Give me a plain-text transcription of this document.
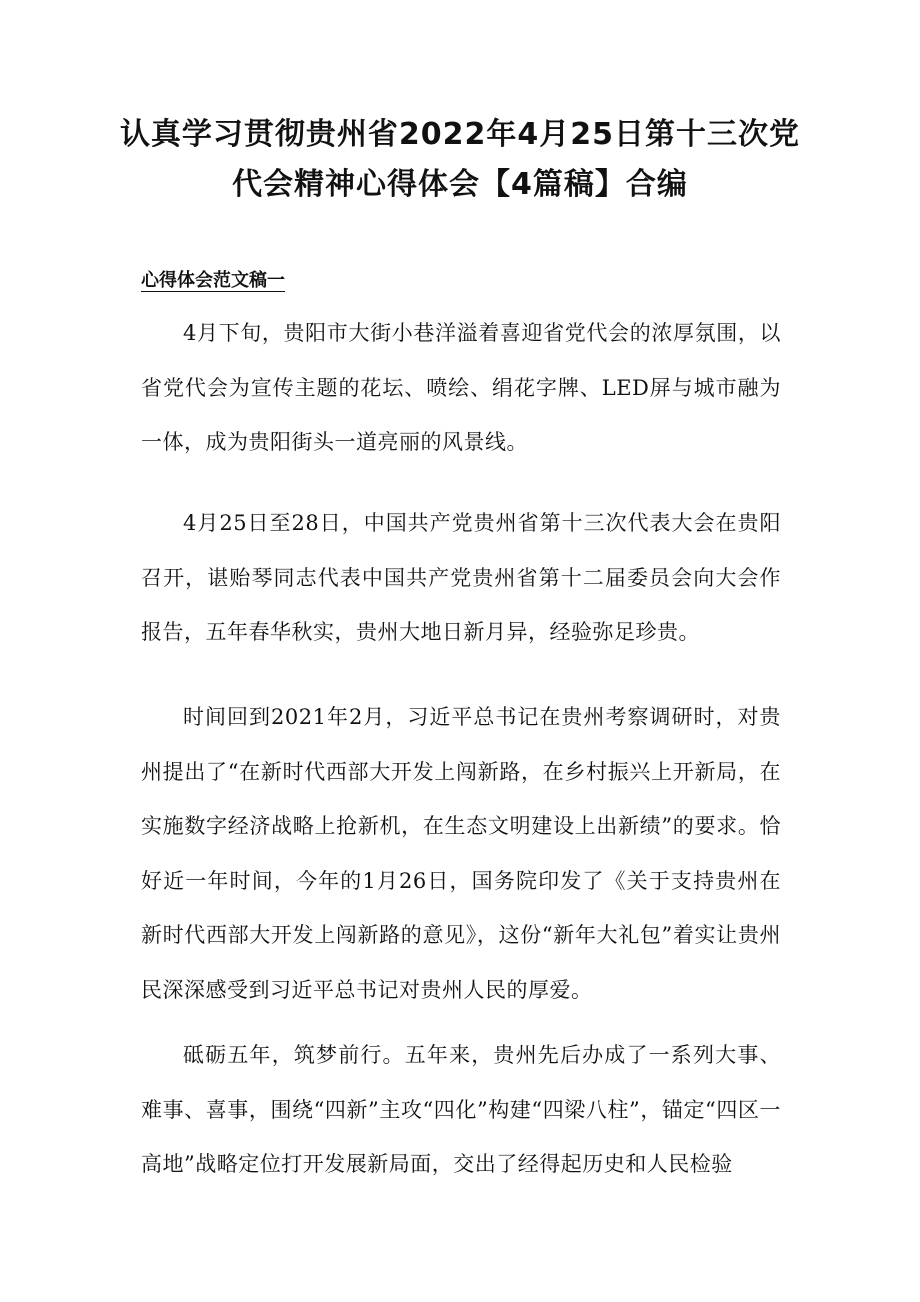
认真学习贯彻贵州省2022年4月25日第十三次党代会精神心得体会【4篇稿】合编
心得体会范文稿一

4月下旬，贵阳市大街小巷洋溢着喜迎省党代会的浓厚氛围，以省党代会为宣传主题的花坛、喷绘、绢花字牌、LED屏与城市融为一体，成为贵阳街头一道亮丽的风景线。

4月25日至28日，中国共产党贵州省第十三次代表大会在贵阳召开，谌贻琴同志代表中国共产党贵州省第十二届委员会向大会作报告，五年春华秋实，贵州大地日新月异，经验弥足珍贵。

时间回到2021年2月，习近平总书记在贵州考察调研时，对贵州提出了“在新时代西部大开发上闯新路，在乡村振兴上开新局，在实施数字经济战略上抢新机，在生态文明建设上出新绩”的要求。恰好近一年时间，今年的1月26日，国务院印发了《关于支持贵州在新时代西部大开发上闯新路的意见》，这份“新年大礼包”着实让贵州民深深感受到习近平总书记对贵州人民的厚爱。

砥砺五年，筑梦前行。五年来，贵州先后办成了一系列大事、难事、喜事，围绕“四新”主攻“四化”构建“四梁八柱”，锚定“四区一高地”战略定位打开发展新局面，交出了经得起历史和人民检验
